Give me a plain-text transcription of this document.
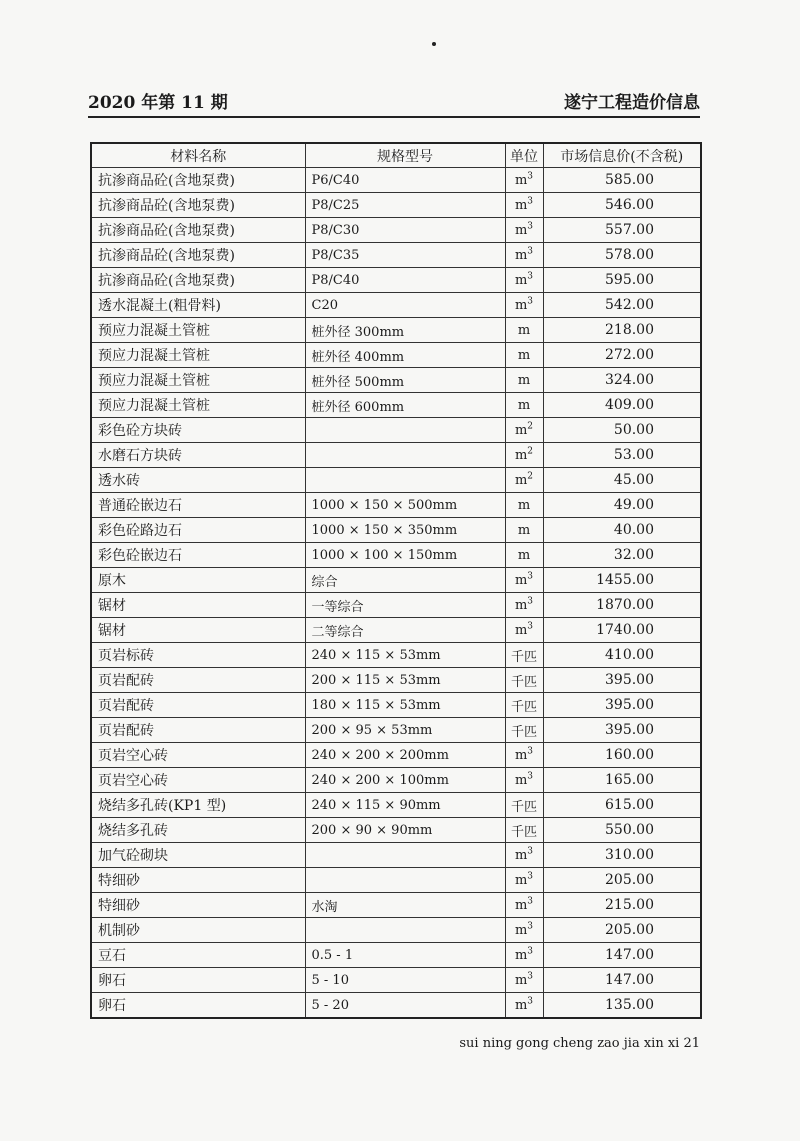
2020 年第 11 期	遂宁工程造价信息
材料名称	规格型号	单位	市场信息价(不含税)
抗渗商品砼(含地泵费)	P6/C40	$m^3$	585.00
抗渗商品砼(含地泵费)	P8/C25	$m^3$	546.00
抗渗商品砼(含地泵费)	P8/C30	$m^3$	557.00
抗渗商品砼(含地泵费)	P8/C35	$m^3$	578.00
抗渗商品砼(含地泵费)	P8/C40	$m^3$	595.00
透水混凝土(粗骨料)	C20	$m^3$	542.00
预应力混凝土管桩	桩外径 300mm	m	218.00
预应力混凝土管桩	桩外径 400mm	m	272.00
预应力混凝土管桩	桩外径 500mm	m	324.00
预应力混凝土管桩	桩外径 600mm	m	409.00
彩色砼方块砖		$m^2$	50.00
水磨石方块砖		$m^2$	53.00
透水砖		$m^2$	45.00
普通砼嵌边石	1000 × 150 × 500mm	m	49.00
彩色砼路边石	1000 × 150 × 350mm	m	40.00
彩色砼嵌边石	1000 × 100 × 150mm	m	32.00
原木	综合	$m^3$	1455.00
锯材	一等综合	$m^3$	1870.00
锯材	二等综合	$m^3$	1740.00
页岩标砖	240 × 115 × 53mm	千匹	410.00
页岩配砖	200 × 115 × 53mm	千匹	395.00
页岩配砖	180 × 115 × 53mm	千匹	395.00
页岩配砖	200 × 95 × 53mm	千匹	395.00
页岩空心砖	240 × 200 × 200mm	$m^3$	160.00
页岩空心砖	240 × 200 × 100mm	$m^3$	165.00
烧结多孔砖(KP1 型)	240 × 115 × 90mm	千匹	615.00
烧结多孔砖	200 × 90 × 90mm	千匹	550.00
加气砼砌块		$m^3$	310.00
特细砂		$m^3$	205.00
特细砂	水淘	$m^3$	215.00
机制砂		$m^3$	205.00
豆石	0.5 - 1	$m^3$	147.00
卵石	5 - 10	$m^3$	147.00
卵石	5 - 20	$m^3$	135.00
sui ning gong cheng zao jia xin xi 21
